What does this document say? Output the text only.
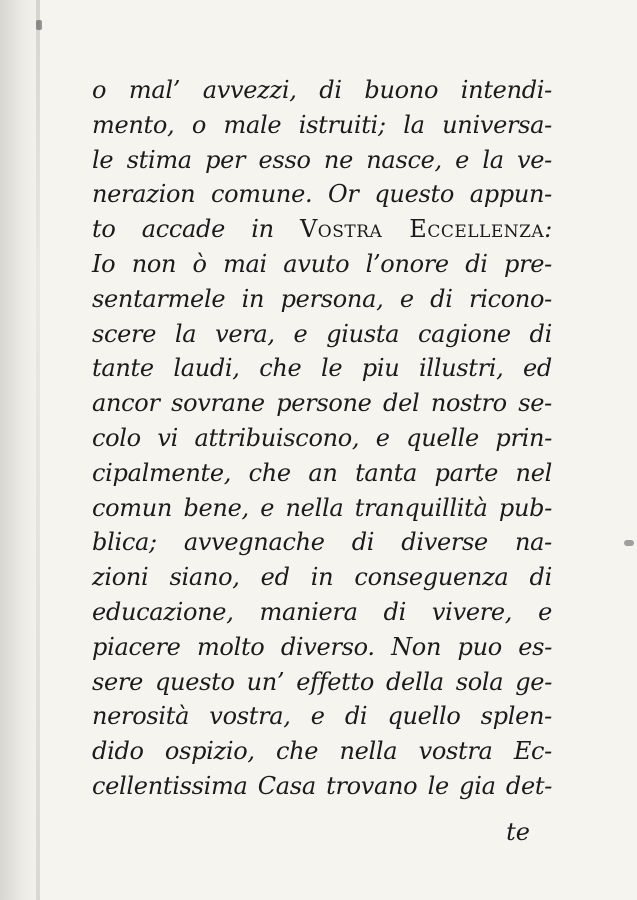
o mal’ avvezzi, di buono intendi-
mento, o male istruiti; la universa-
le stima per esso ne nasce, e la ve-
nerazion comune. Or questo appun-
to accade in Vostra Eccellenza:
Io non ò mai avuto l’onore di pre-
sentarmele in persona, e di ricono-
scere la vera, e giusta cagione di
tante laudi, che le piu illustri, ed
ancor sovrane persone del nostro se-
colo vi attribuiscono, e quelle prin-
cipalmente, che an tanta parte nel
comun bene, e nella tranquillità pub-
blica; avvegnache di diverse na-
zioni siano, ed in conseguenza di
educazione, maniera di vivere, e
piacere molto diverso. Non puo es-
sere questo un’ effetto della sola ge-
nerosità vostra, e di quello splen-
dido ospizio, che nella vostra Ec-
cellentissima Casa trovano le gia det-
te
